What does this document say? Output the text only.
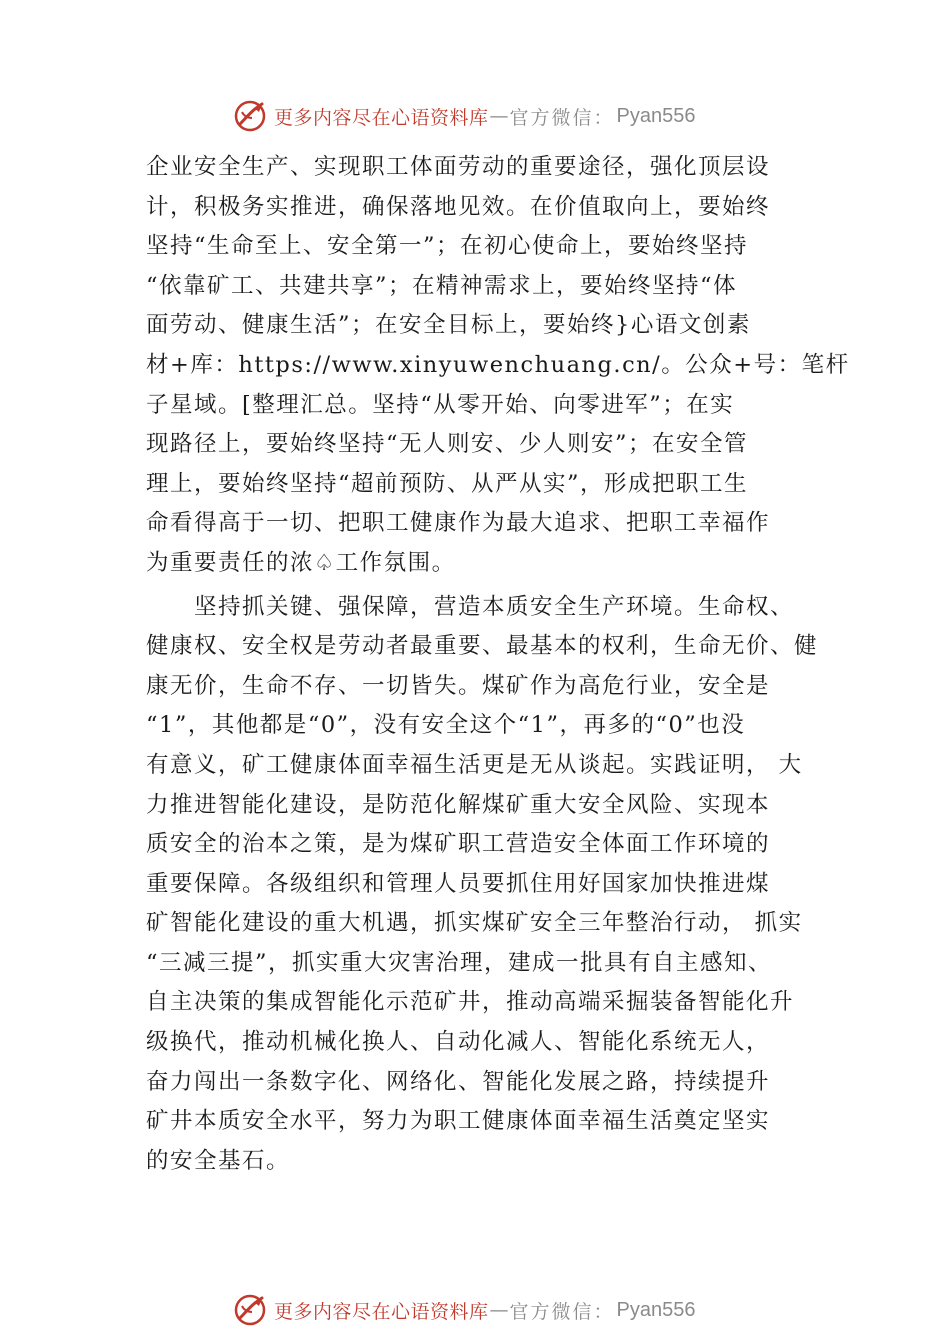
更多内容尽在心语资料库 — 官方微信： Pyan556
企业安全生产、实现职工体面劳动的重要途径，强化顶层设
计，积极务实推进，确保落地见效。在价值取向上，要始终
坚持“生命至上、安全第一”；在初心使命上，要始终坚持
“依靠矿工、共建共享”；在精神需求上，要始终坚持“体
面劳动、健康生活”；在安全目标上，要始终}心语文创素
材+库：https://www.xinyuwenchuang.cn/。公众+号：笔杆
子星域。[整理汇总。坚持“从零开始、向零进军”；在实
现路径上，要始终坚持“无人则安、少人则安”；在安全管
理上，要始终坚持“超前预防、从严从实”，形成把职工生
命看得高于一切、把职工健康作为最大追求、把职工幸福作
为重要责任的浓♤工作氛围。
坚持抓关键、强保障，营造本质安全生产环境。生命权、
健康权、安全权是劳动者最重要、最基本的权利，生命无价、健
康无价，生命不存、一切皆失。煤矿作为高危行业，安全是
“1”，其他都是“0”，没有安全这个“1”，再多的“0”也没
有意义，矿工健康体面幸福生活更是无从谈起。实践证明， 大
力推进智能化建设，是防范化解煤矿重大安全风险、实现本
质安全的治本之策，是为煤矿职工营造安全体面工作环境的
重要保障。各级组织和管理人员要抓住用好国家加快推进煤
矿智能化建设的重大机遇，抓实煤矿安全三年整治行动， 抓实
“三减三提”，抓实重大灾害治理，建成一批具有自主感知、
自主决策的集成智能化示范矿井，推动高端采掘装备智能化升
级换代，推动机械化换人、自动化减人、智能化系统无人，
奋力闯出一条数字化、网络化、智能化发展之路，持续提升
矿井本质安全水平，努力为职工健康体面幸福生活奠定坚实
的安全基石。
更多内容尽在心语资料库 — 官方微信： Pyan556
